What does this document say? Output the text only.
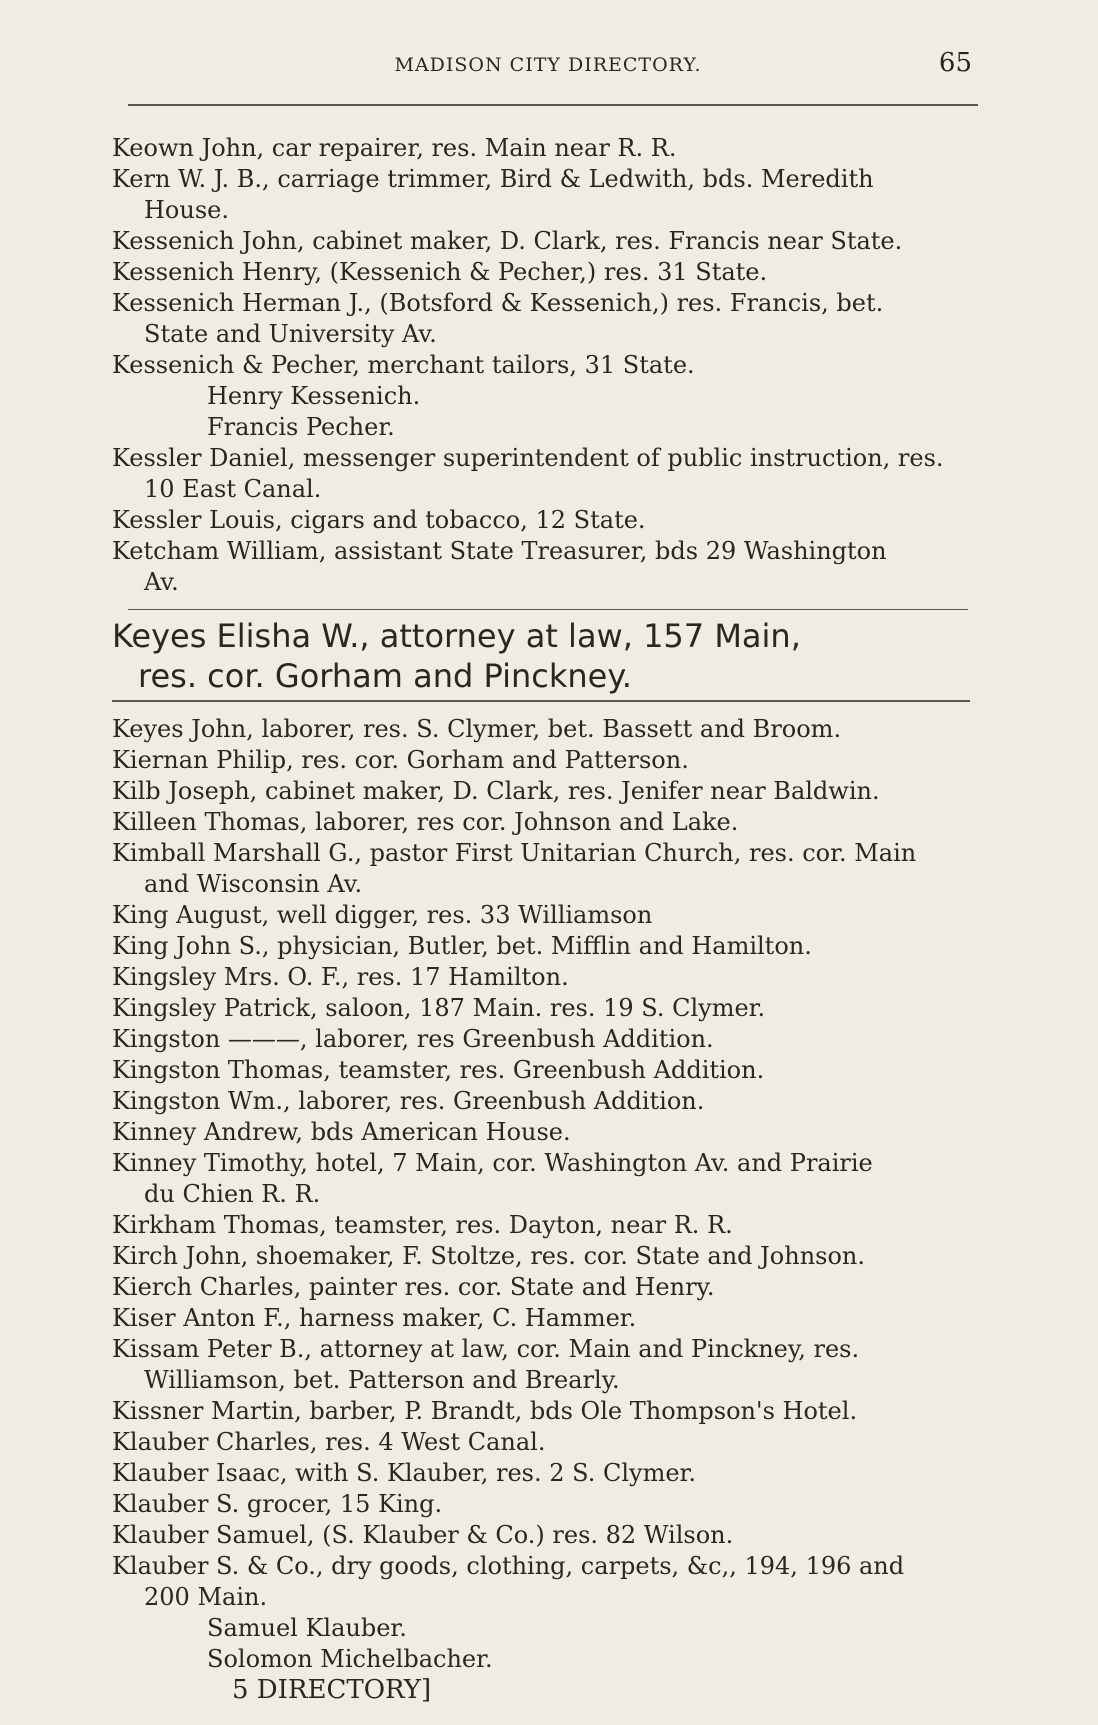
MADISON CITY DIRECTORY.	65
Keown John, car repairer, res. Main near R. R.
Kern W. J. B., carriage trimmer, Bird & Ledwith, bds. Meredith
House.
Kessenich John, cabinet maker, D. Clark, res. Francis near State.
Kessenich Henry, (Kessenich & Pecher,) res. 31 State.
Kessenich Herman J., (Botsford & Kessenich,) res. Francis, bet.
State and University Av.
Kessenich & Pecher, merchant tailors, 31 State.
Henry Kessenich.
Francis Pecher.
Kessler Daniel, messenger superintendent of public instruction, res.
10 East Canal.
Kessler Louis, cigars and tobacco, 12 State.
Ketcham William, assistant State Treasurer, bds 29 Washington
Av.
Keyes Elisha W., attorney at law, 157 Main,
res. cor. Gorham and Pinckney.
Keyes John, laborer, res. S. Clymer, bet. Bassett and Broom.
Kiernan Philip, res. cor. Gorham and Patterson.
Kilb Joseph, cabinet maker, D. Clark, res. Jenifer near Baldwin.
Killeen Thomas, laborer, res cor. Johnson and Lake.
Kimball Marshall G., pastor First Unitarian Church, res. cor. Main
and Wisconsin Av.
King August, well digger, res. 33 Williamson
King John S., physician, Butler, bet. Mifflin and Hamilton.
Kingsley Mrs. O. F., res. 17 Hamilton.
Kingsley Patrick, saloon, 187 Main. res. 19 S. Clymer.
Kingston ———, laborer, res Greenbush Addition.
Kingston Thomas, teamster, res. Greenbush Addition.
Kingston Wm., laborer, res. Greenbush Addition.
Kinney Andrew, bds American House.
Kinney Timothy, hotel, 7 Main, cor. Washington Av. and Prairie
du Chien R. R.
Kirkham Thomas, teamster, res. Dayton, near R. R.
Kirch John, shoemaker, F. Stoltze, res. cor. State and Johnson.
Kierch Charles, painter res. cor. State and Henry.
Kiser Anton F., harness maker, C. Hammer.
Kissam Peter B., attorney at law, cor. Main and Pinckney, res.
Williamson, bet. Patterson and Brearly.
Kissner Martin, barber, P. Brandt, bds Ole Thompson's Hotel.
Klauber Charles, res. 4 West Canal.
Klauber Isaac, with S. Klauber, res. 2 S. Clymer.
Klauber S. grocer, 15 King.
Klauber Samuel, (S. Klauber & Co.) res. 82 Wilson.
Klauber S. & Co., dry goods, clothing, carpets, &c,, 194, 196 and
200 Main.
Samuel Klauber.
Solomon Michelbacher.
5 DIRECTORY]
